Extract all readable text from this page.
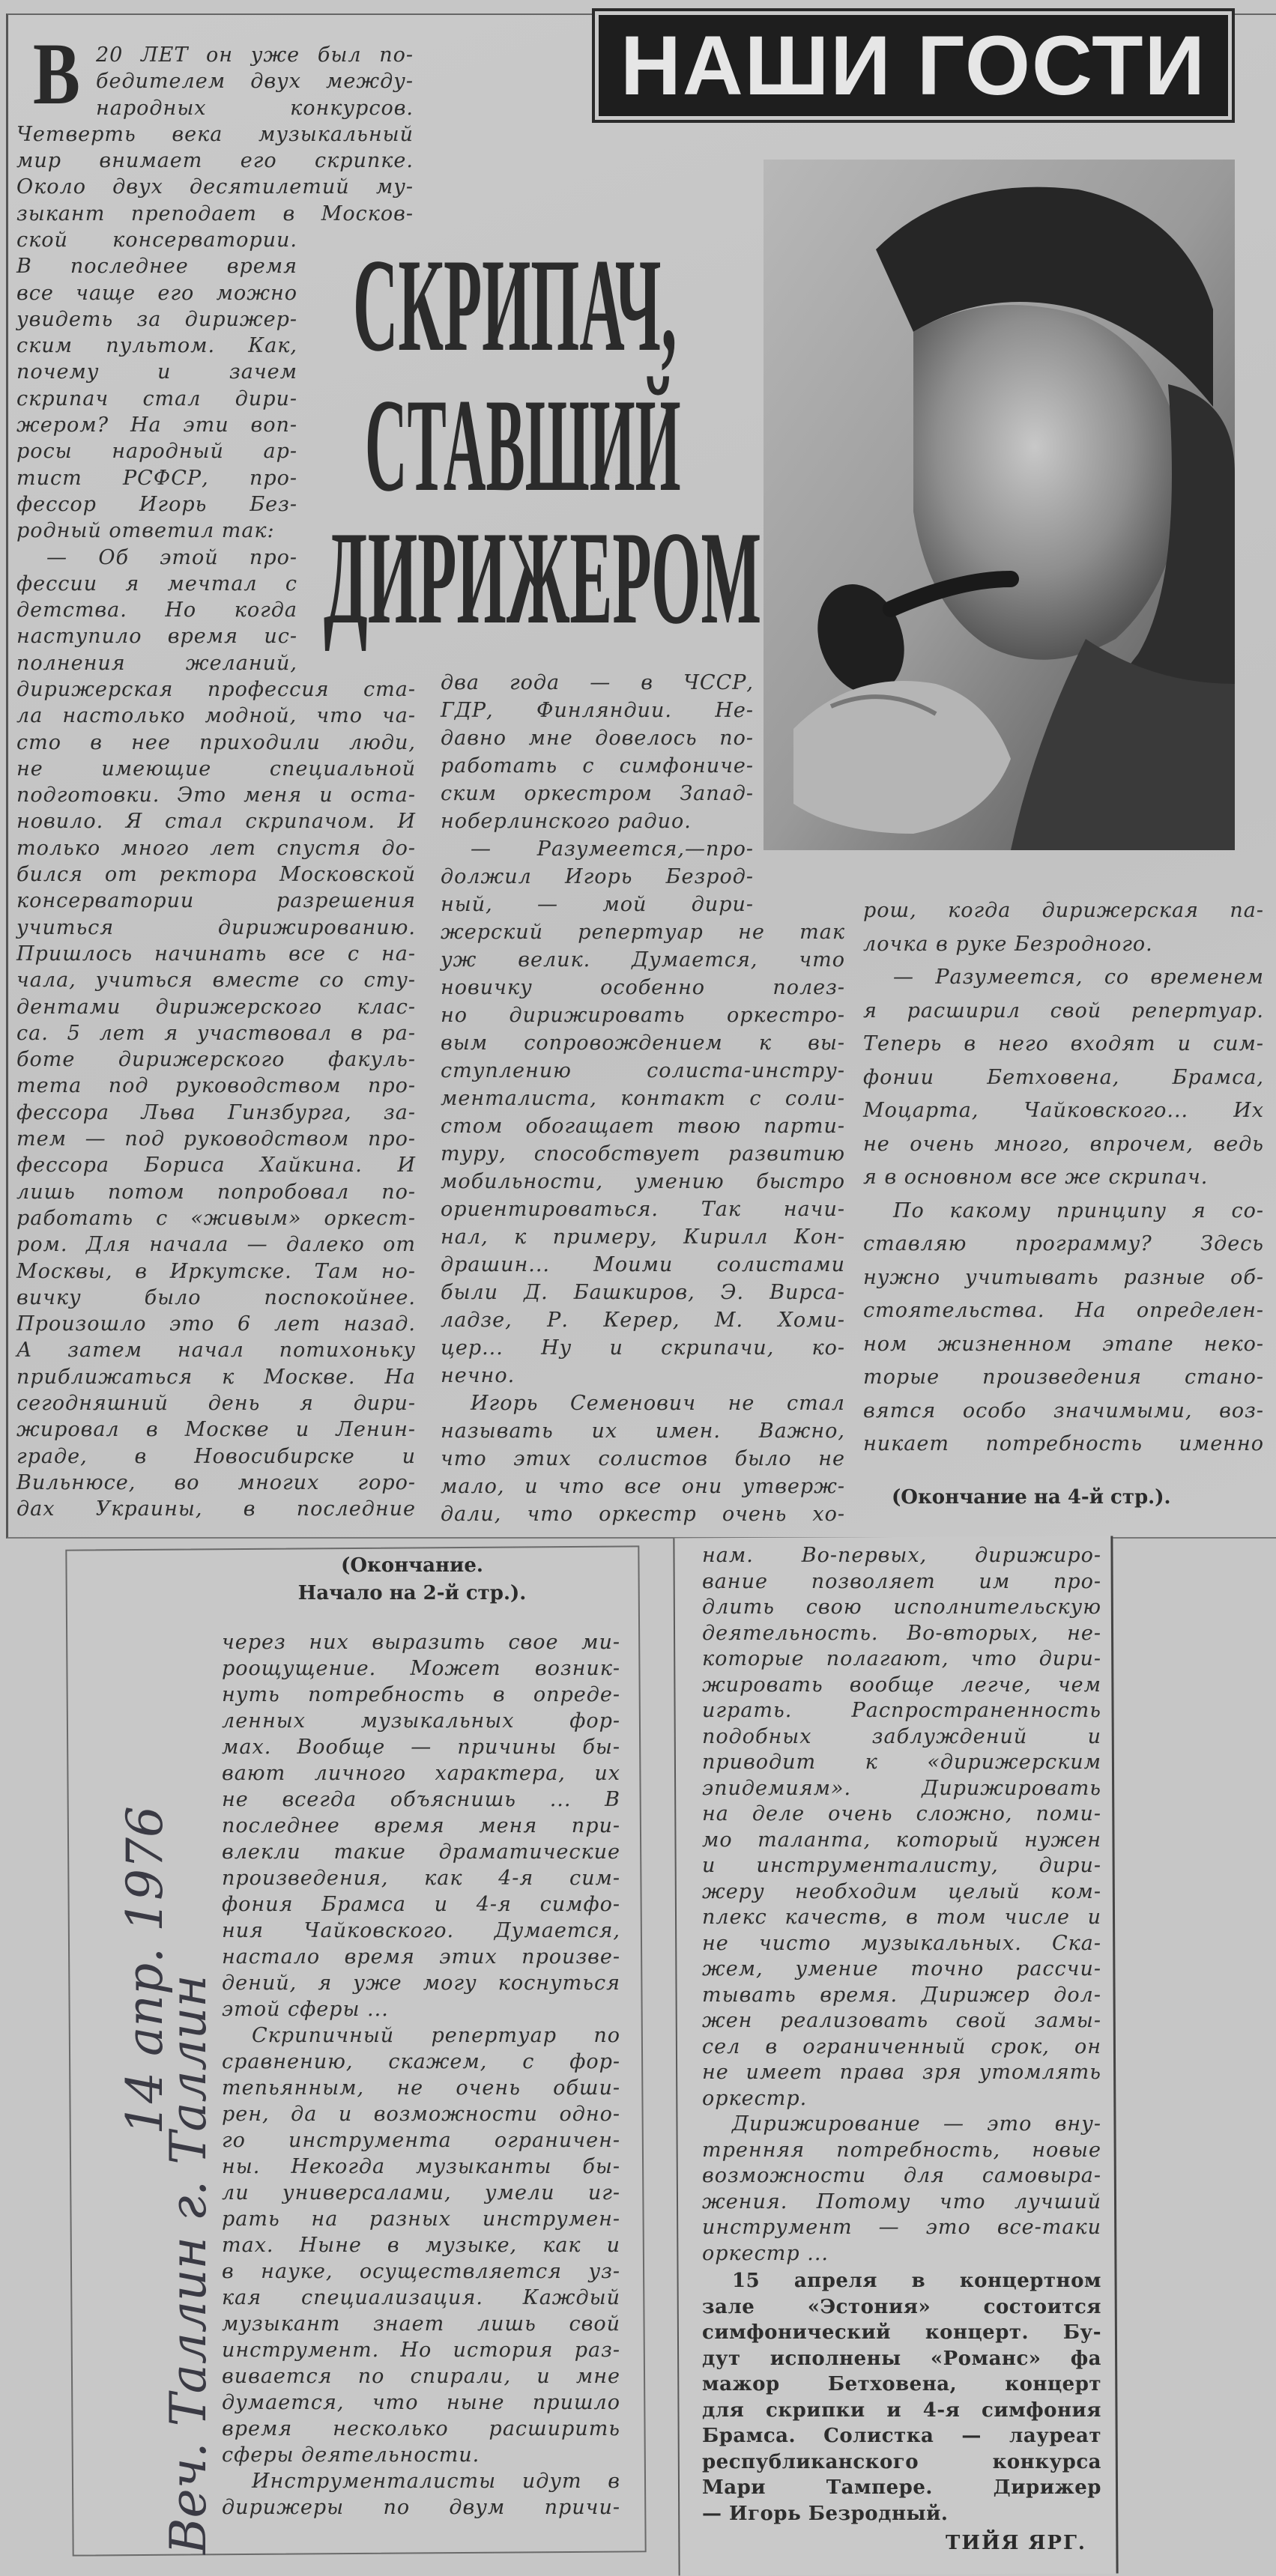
НАШИ ГОСТИ
СКРИПАЧ,
СТАВШИЙ
ДИРИЖЕРОМ
В 20 ЛЕТ он уже был по-
бедителем двух между-
народных конкурсов.
Четверть века музыкальный
мир внимает его скрипке.
Около двух десятилетий му-
зыкант преподает в Москов-
ской консерватории.
В последнее время
все чаще его можно
увидеть за дирижер-
ским пультом. Как,
почему и зачем
скрипач стал дири-
жером? На эти воп-
росы народный ар-
тист РСФСР, про-
фессор Игорь Без-
родный ответил так:
— Об этой про-
фессии я мечтал с
детства. Но когда
наступило время ис-
полнения желаний,
дирижерская профессия ста-
ла настолько модной, что ча-
сто в нее приходили люди,
не имеющие специальной
подготовки. Это меня и оста-
новило. Я стал скрипачом. И
только много лет спустя до-
бился от ректора Московской
консерватории разрешения
учиться дирижированию.
Пришлось начинать все с на-
чала, учиться вместе со сту-
дентами дирижерского клас-
са. 5 лет я участвовал в ра-
боте дирижерского факуль-
тета под руководством про-
фессора Льва Гинзбурга, за-
тем — под руководством про-
фессора Бориса Хайкина. И
лишь потом попробовал по-
работать с «живым» оркест-
ром. Для начала — далеко от
Москвы, в Иркутске. Там но-
вичку было поспокойнее.
Произошло это 6 лет назад.
А затем начал потихоньку
приближаться к Москве. На
сегодняшний день я дири-
жировал в Москве и Ленин-
граде, в Новосибирске и
Вильнюсе, во многих горо-
дах Украины, в последние
два года — в ЧССР,
ГДР, Финляндии. Не-
давно мне довелось по-
работать с симфониче-
ским оркестром Запад-
ноберлинского радио.
— Разумеется,—про-
должил Игорь Безрод-
ный, — мой дири-
жерский репертуар не так
уж велик. Думается, что
новичку особенно полез-
но дирижировать оркестро-
вым сопровождением к вы-
ступлению солиста-инстру-
менталиста, контакт с соли-
стом обогащает твою парти-
туру, способствует развитию
мобильности, умению быстро
ориентироваться. Так начи-
нал, к примеру, Кирилл Кон-
драшин... Моими солистами
были Д. Башкиров, Э. Вирса-
ладзе, Р. Керер, М. Хоми-
цер... Ну и скрипачи, ко-
нечно.
Игорь Семенович не стал
называть их имен. Важно,
что этих солистов было не
мало, и что все они утверж-
дали, что оркестр очень хо-
рош, когда дирижерская па-
лочка в руке Безродного.
— Разумеется, со временем
я расширил свой репертуар.
Теперь в него входят и сим-
фонии Бетховена, Брамса,
Моцарта, Чайковского... Их
не очень много, впрочем, ведь
я в основном все же скрипач.
По какому принципу я со-
ставляю программу? Здесь
нужно учитывать разные об-
стоятельства. На определен-
ном жизненном этапе неко-
торые произведения стано-
вятся особо значимыми, воз-
никает потребность именно
(Окончание на 4-й стр.).
(Окончание.
Начало на 2-й стр.).
через них выразить свое ми-
роощущение. Может возник-
нуть потребность в опреде-
ленных музыкальных фор-
мах. Вообще — причины бы-
вают личного характера, их
не всегда объяснишь ... В
последнее время меня при-
влекли такие драматические
произведения, как 4-я сим-
фония Брамса и 4-я симфо-
ния Чайковского. Думается,
настало время этих произве-
дений, я уже могу коснуться
этой сферы ...
Скрипичный репертуар по
сравнению, скажем, с фор-
тепьянным, не очень обши-
рен, да и возможности одно-
го инструмента ограничен-
ны. Некогда музыканты бы-
ли универсалами, умели иг-
рать на разных инструмен-
тах. Ныне в музыке, как и
в науке, осуществляется уз-
кая специализация. Каждый
музыкант знает лишь свой
инструмент. Но история раз-
вивается по спирали, и мне
думается, что ныне пришло
время несколько расширить
сферы деятельности.
Инструменталисты идут в
дирижеры по двум причи-
нам. Во-первых, дирижиро-
вание позволяет им про-
длить свою исполнительскую
деятельность. Во-вторых, не-
которые полагают, что дири-
жировать вообще легче, чем
играть. Распространенность
подобных заблуждений и
приводит к «дирижерским
эпидемиям». Дирижировать
на деле очень сложно, поми-
мо таланта, который нужен
и инструменталисту, дири-
жеру необходим целый ком-
плекс качеств, в том числе и
не чисто музыкальных. Ска-
жем, умение точно рассчи-
тывать время. Дирижер дол-
жен реализовать свой замы-
сел в ограниченный срок, он
не имеет права зря утомлять
оркестр.
Дирижирование — это вну-
тренняя потребность, новые
возможности для самовыра-
жения. Потому что лучший
инструмент — это все-таки
оркестр ...
15 апреля в концертном
зале «Эстония» состоится
симфонический концерт. Бу-
дут исполнены «Романс» фа
мажор Бетховена, концерт
для скрипки и 4-я симфония
Брамса. Солистка — лауреат
республиканского конкурса
Мари Тампере. Дирижер
— Игорь Безродный.
ТИЙЯ ЯРГ.
14 апр. 1976
Веч. Таллин г. Таллин
